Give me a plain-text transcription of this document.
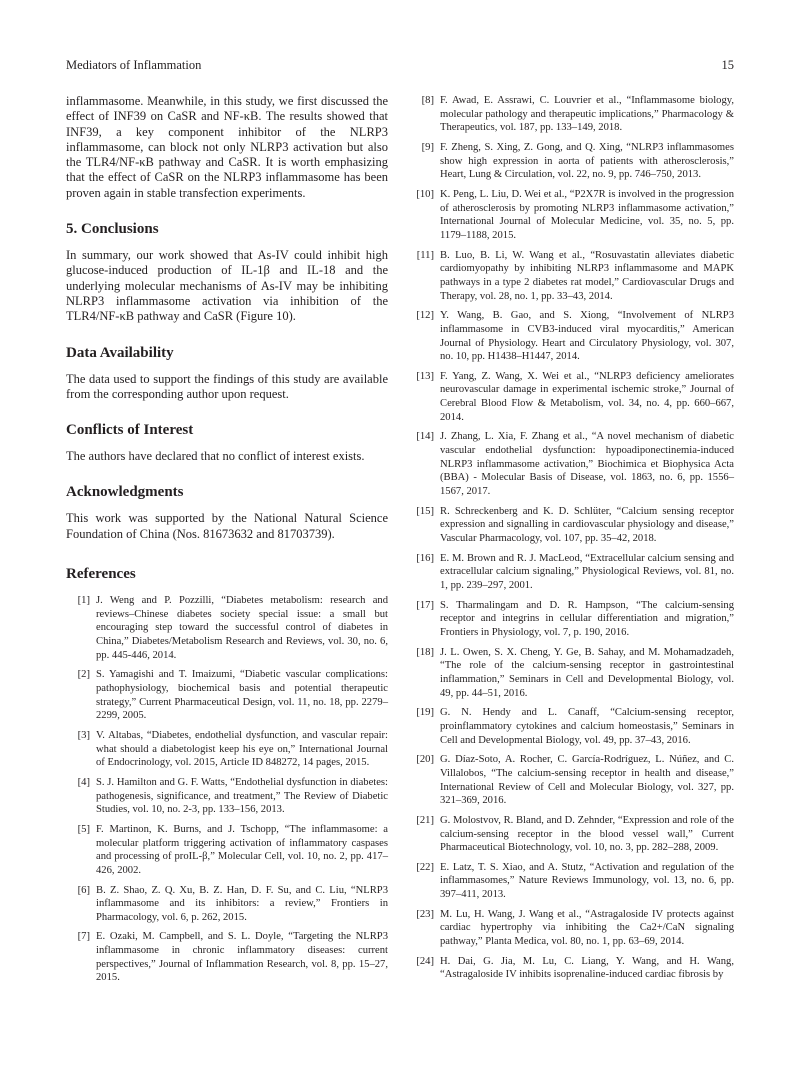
Mediators of Inflammation	15

inflammasome. Meanwhile, in this study, we first discussed the effect of INF39 on CaSR and NF-κB. The results showed that INF39, a key component inhibitor of the NLRP3 inflammasome, can block not only NLRP3 activation but also the TLR4/NF-κB pathway and CaSR. It is worth emphasizing that the effect of CaSR on the NLRP3 inflammasome has been proven again in stable transfection experiments.

5. Conclusions

In summary, our work showed that As-IV could inhibit high glucose-induced production of IL-1β and IL-18 and the underlying molecular mechanisms of As-IV may be inhibiting NLRP3 inflammasome activation via inhibition of the TLR4/NF-κB pathway and CaSR (Figure 10).

Data Availability

The data used to support the findings of this study are available from the corresponding author upon request.

Conflicts of Interest

The authors have declared that no conflict of interest exists.

Acknowledgments

This work was supported by the National Natural Science Foundation of China (Nos. 81673632 and 81703739).

References
[1] J. Weng and P. Pozzilli, “Diabetes metabolism: research and reviews–Chinese diabetes society special issue: a small but encouraging step toward the successful control of diabetes in China,” Diabetes/Metabolism Research and Reviews, vol. 30, no. 6, pp. 445-446, 2014.
[2] S. Yamagishi and T. Imaizumi, “Diabetic vascular complications: pathophysiology, biochemical basis and potential therapeutic strategy,” Current Pharmaceutical Design, vol. 11, no. 18, pp. 2279–2299, 2005.
[3] V. Altabas, “Diabetes, endothelial dysfunction, and vascular repair: what should a diabetologist keep his eye on,” International Journal of Endocrinology, vol. 2015, Article ID 848272, 14 pages, 2015.
[4] S. J. Hamilton and G. F. Watts, “Endothelial dysfunction in diabetes: pathogenesis, significance, and treatment,” The Review of Diabetic Studies, vol. 10, no. 2-3, pp. 133–156, 2013.
[5] F. Martinon, K. Burns, and J. Tschopp, “The inflammasome: a molecular platform triggering activation of inflammatory caspases and processing of proIL-β,” Molecular Cell, vol. 10, no. 2, pp. 417–426, 2002.
[6] B. Z. Shao, Z. Q. Xu, B. Z. Han, D. F. Su, and C. Liu, “NLRP3 inflammasome and its inhibitors: a review,” Frontiers in Pharmacology, vol. 6, p. 262, 2015.
[7] E. Ozaki, M. Campbell, and S. L. Doyle, “Targeting the NLRP3 inflammasome in chronic inflammatory diseases: current perspectives,” Journal of Inflammation Research, vol. 8, pp. 15–27, 2015.
[8] F. Awad, E. Assrawi, C. Louvrier et al., “Inflammasome biology, molecular pathology and therapeutic implications,” Pharmacology & Therapeutics, vol. 187, pp. 133–149, 2018.
[9] F. Zheng, S. Xing, Z. Gong, and Q. Xing, “NLRP3 inflammasomes show high expression in aorta of patients with atherosclerosis,” Heart, Lung & Circulation, vol. 22, no. 9, pp. 746–750, 2013.
[10] K. Peng, L. Liu, D. Wei et al., “P2X7R is involved in the progression of atherosclerosis by promoting NLRP3 inflammasome activation,” International Journal of Molecular Medicine, vol. 35, no. 5, pp. 1179–1188, 2015.
[11] B. Luo, B. Li, W. Wang et al., “Rosuvastatin alleviates diabetic cardiomyopathy by inhibiting NLRP3 inflammasome and MAPK pathways in a type 2 diabetes rat model,” Cardiovascular Drugs and Therapy, vol. 28, no. 1, pp. 33–43, 2014.
[12] Y. Wang, B. Gao, and S. Xiong, “Involvement of NLRP3 inflammasome in CVB3-induced viral myocarditis,” American Journal of Physiology. Heart and Circulatory Physiology, vol. 307, no. 10, pp. H1438–H1447, 2014.
[13] F. Yang, Z. Wang, X. Wei et al., “NLRP3 deficiency ameliorates neurovascular damage in experimental ischemic stroke,” Journal of Cerebral Blood Flow & Metabolism, vol. 34, no. 4, pp. 660–667, 2014.
[14] J. Zhang, L. Xia, F. Zhang et al., “A novel mechanism of diabetic vascular endothelial dysfunction: hypoadiponectinemia-induced NLRP3 inflammasome activation,” Biochimica et Biophysica Acta (BBA) - Molecular Basis of Disease, vol. 1863, no. 6, pp. 1556–1567, 2017.
[15] R. Schreckenberg and K. D. Schlüter, “Calcium sensing receptor expression and signalling in cardiovascular physiology and disease,” Vascular Pharmacology, vol. 107, pp. 35–42, 2018.
[16] E. M. Brown and R. J. MacLeod, “Extracellular calcium sensing and extracellular calcium signaling,” Physiological Reviews, vol. 81, no. 1, pp. 239–297, 2001.
[17] S. Tharmalingam and D. R. Hampson, “The calcium-sensing receptor and integrins in cellular differentiation and migration,” Frontiers in Physiology, vol. 7, p. 190, 2016.
[18] J. L. Owen, S. X. Cheng, Y. Ge, B. Sahay, and M. Mohamadzadeh, “The role of the calcium-sensing receptor in gastrointestinal inflammation,” Seminars in Cell and Developmental Biology, vol. 49, pp. 44–51, 2016.
[19] G. N. Hendy and L. Canaff, “Calcium-sensing receptor, proinflammatory cytokines and calcium homeostasis,” Seminars in Cell and Developmental Biology, vol. 49, pp. 37–43, 2016.
[20] G. Díaz-Soto, A. Rocher, C. García-Rodríguez, L. Núñez, and C. Villalobos, “The calcium-sensing receptor in health and disease,” International Review of Cell and Molecular Biology, vol. 327, pp. 321–369, 2016.
[21] G. Molostvov, R. Bland, and D. Zehnder, “Expression and role of the calcium-sensing receptor in the blood vessel wall,” Current Pharmaceutical Biotechnology, vol. 10, no. 3, pp. 282–288, 2009.
[22] E. Latz, T. S. Xiao, and A. Stutz, “Activation and regulation of the inflammasomes,” Nature Reviews Immunology, vol. 13, no. 6, pp. 397–411, 2013.
[23] M. Lu, H. Wang, J. Wang et al., “Astragaloside IV protects against cardiac hypertrophy via inhibiting the Ca2+/CaN signaling pathway,” Planta Medica, vol. 80, no. 1, pp. 63–69, 2014.
[24] H. Dai, G. Jia, M. Lu, C. Liang, Y. Wang, and H. Wang, “Astragaloside IV inhibits isoprenaline-induced cardiac fibrosis by
